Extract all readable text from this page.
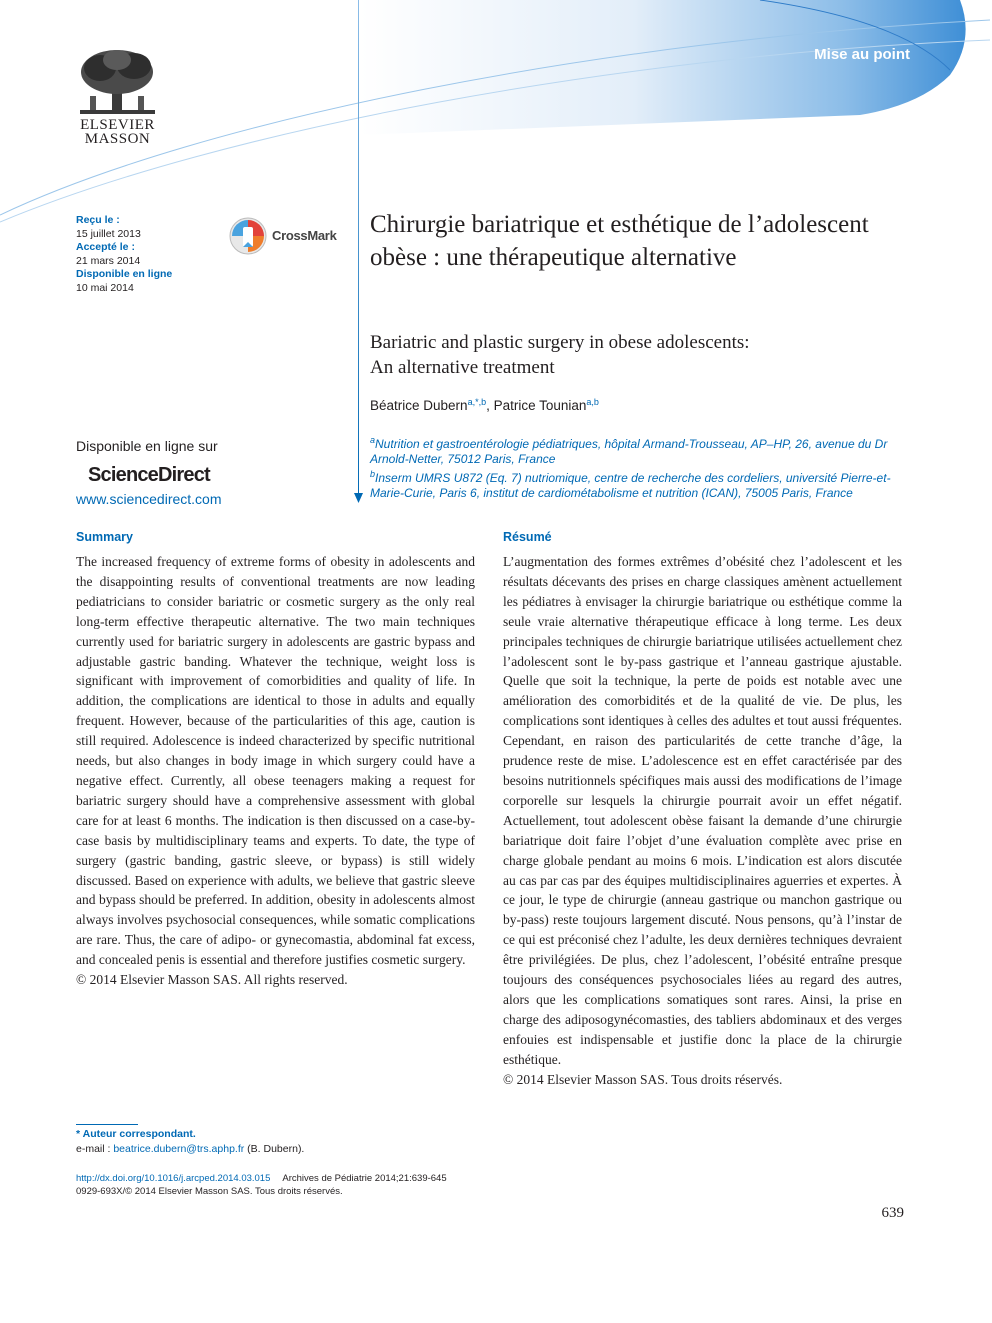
Mise au point
ELSEVIER
MASSON
Reçu le :
15 juillet 2013
Accepté le :
21 mars 2014
Disponible en ligne
10 mai 2014
CrossMark Chirurgie bariatrique et esthétique de l’adolescent obèse : une thérapeutique alternative
Bariatric and plastic surgery in obese adolescents:
An alternative treatment
Béatrice Dubern$^{a,*,b}$, Patrice Tounian$^{a,b}$
$^a$Nutrition et gastroentérologie pédiatriques, hôpital Armand-Trousseau, AP–HP, 26, avenue du Dr Arnold-Netter, 75012 Paris, France
$^b$Inserm UMRS U872 (Eq. 7) nutriomique, centre de recherche des cordeliers, université Pierre-et-Marie-Curie, Paris 6, institut de cardiométabolisme et nutrition (ICAN), 75005 Paris, France
Disponible en ligne sur
ScienceDirect
www.sciencedirect.com
Summary

The increased frequency of extreme forms of obesity in adolescents and the disappointing results of conventional treatments are now leading pediatricians to consider bariatric or cosmetic surgery as the only real long-term effective therapeutic alternative. The two main techniques currently used for bariatric surgery in adolescents are gastric bypass and adjustable gastric banding. Whatever the technique, weight loss is significant with improvement of comorbidities and quality of life. In addition, the complications are identical to those in adults and equally frequent. However, because of the particularities of this age, caution is still required. Adolescence is indeed characterized by specific nutritional needs, but also changes in body image in which surgery could have a negative effect. Currently, all obese teenagers making a request for bariatric surgery should have a comprehensive assessment with global care for at least 6 months. The indication is then discussed on a case-by-case basis by multidisciplinary teams and experts. To date, the type of surgery (gastric banding, gastric sleeve, or bypass) is still widely discussed. Based on experience with adults, we believe that gastric sleeve and bypass should be preferred. In addition, obesity in adolescents almost always involves psychosocial consequences, while somatic complications are rare. Thus, the care of adipo- or gynecomastia, abdominal fat excess, and concealed penis is essential and therefore justifies cosmetic surgery.

© 2014 Elsevier Masson SAS. All rights reserved.

Résumé

L’augmentation des formes extrêmes d’obésité chez l’adolescent et les résultats décevants des prises en charge classiques amènent actuellement les pédiatres à envisager la chirurgie bariatrique ou esthétique comme la seule vraie alternative thérapeutique efficace à long terme. Les deux principales techniques de chirurgie bariatrique utilisées actuellement chez l’adolescent sont le by-pass gastrique et l’anneau gastrique ajustable. Quelle que soit la technique, la perte de poids est notable avec une amélioration des comorbidités et de la qualité de vie. De plus, les complications sont identiques à celles des adultes et tout aussi fréquentes. Cependant, en raison des particularités de cette tranche d’âge, la prudence reste de mise. L’adolescence est en effet caractérisée par des besoins nutritionnels spécifiques mais aussi des modifications de l’image corporelle sur lesquels la chirurgie pourrait avoir un effet négatif. Actuellement, tout adolescent obèse faisant la demande d’une chirurgie bariatrique doit faire l’objet d’une évaluation complète avec prise en charge globale pendant au moins 6 mois. L’indication est alors discutée au cas par cas par des équipes multidisciplinaires aguerries et expertes. À ce jour, le type de chirurgie (anneau gastrique ou manchon gastrique ou by-pass) reste toujours largement discuté. Nous pensons, qu’à l’instar de ce qui est préconisé chez l’adulte, les deux dernières techniques devraient être privilégiées. De plus, chez l’adolescent, l’obésité entraîne presque toujours des conséquences psychosociales liées au regard des autres, alors que les complications somatiques sont rares. Ainsi, la prise en charge des adiposogynécomasties, des tabliers abdominaux et des verges enfouies est indispensable et justifie donc la place de la chirurgie esthétique.

© 2014 Elsevier Masson SAS. Tous droits réservés.

* Auteur correspondant.
e-mail : beatrice.dubern@trs.aphp.fr (B. Dubern).
http://dx.doi.org/10.1016/j.arcped.2014.03.015 Archives de Pédiatrie 2014;21:639-645
0929-693X/© 2014 Elsevier Masson SAS. Tous droits réservés.
639
